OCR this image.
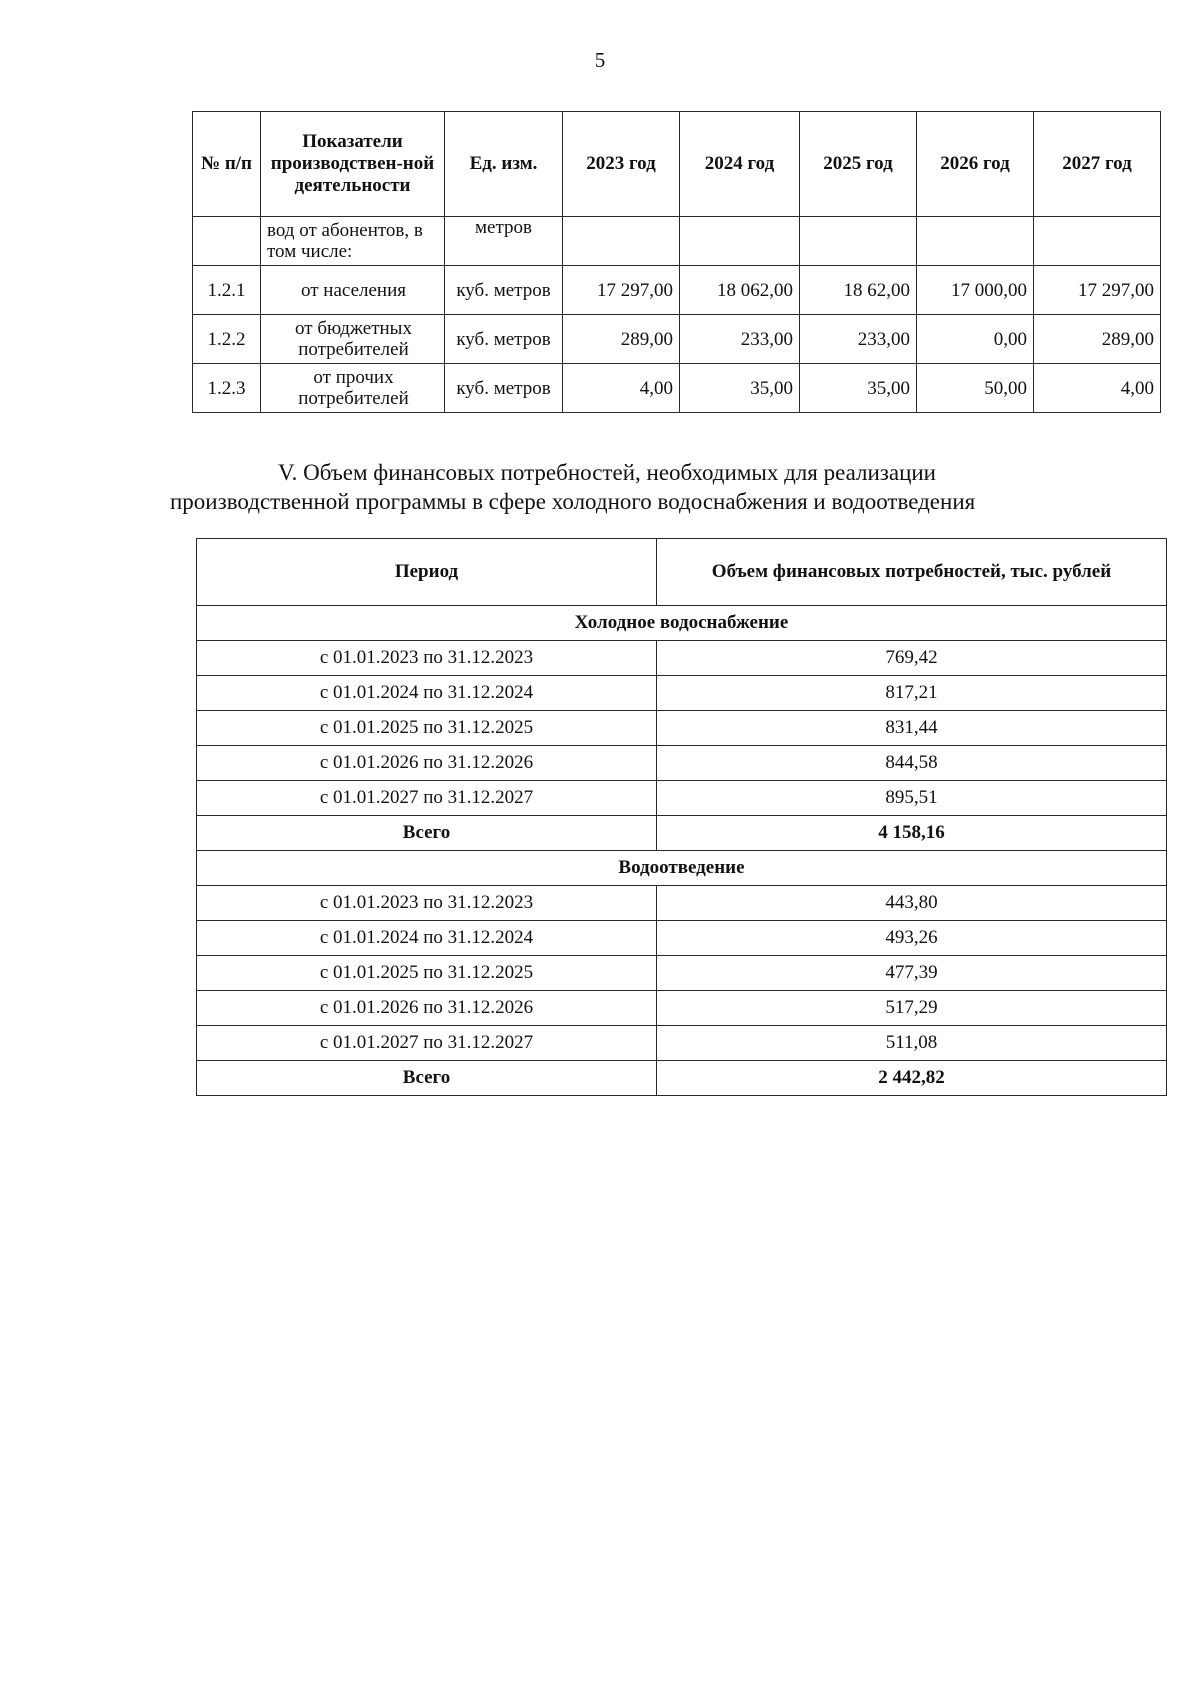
5
№ п/п	Показатели производствен-ной деятельности	Ед. изм.	2023 год	2024 год	2025 год	2026 год	2027 год
	вод от абонентов, в том числе:	метров					
1.2.1	от населения	куб. метров	17 297,00	18 062,00	18 62,00	17 000,00	17 297,00
1.2.2	от бюджетных потребителей	куб. метров	289,00	233,00	233,00	0,00	289,00
1.2.3	от прочих потребителей	куб. метров	4,00	35,00	35,00	50,00	4,00
V. Объем финансовых потребностей, необходимых для реализации
производственной программы в сфере холодного водоснабжения и водоотведения
Период	Объем финансовых потребностей, тыс. рублей
Холодное водоснабжение	
с 01.01.2023 по 31.12.2023	769,42
с 01.01.2024 по 31.12.2024	817,21
с 01.01.2025 по 31.12.2025	831,44
с 01.01.2026 по 31.12.2026	844,58
с 01.01.2027 по 31.12.2027	895,51
Всего	4 158,16
Водоотведение	
с 01.01.2023 по 31.12.2023	443,80
с 01.01.2024 по 31.12.2024	493,26
с 01.01.2025 по 31.12.2025	477,39
с 01.01.2026 по 31.12.2026	517,29
с 01.01.2027 по 31.12.2027	511,08
Всего	2 442,82
